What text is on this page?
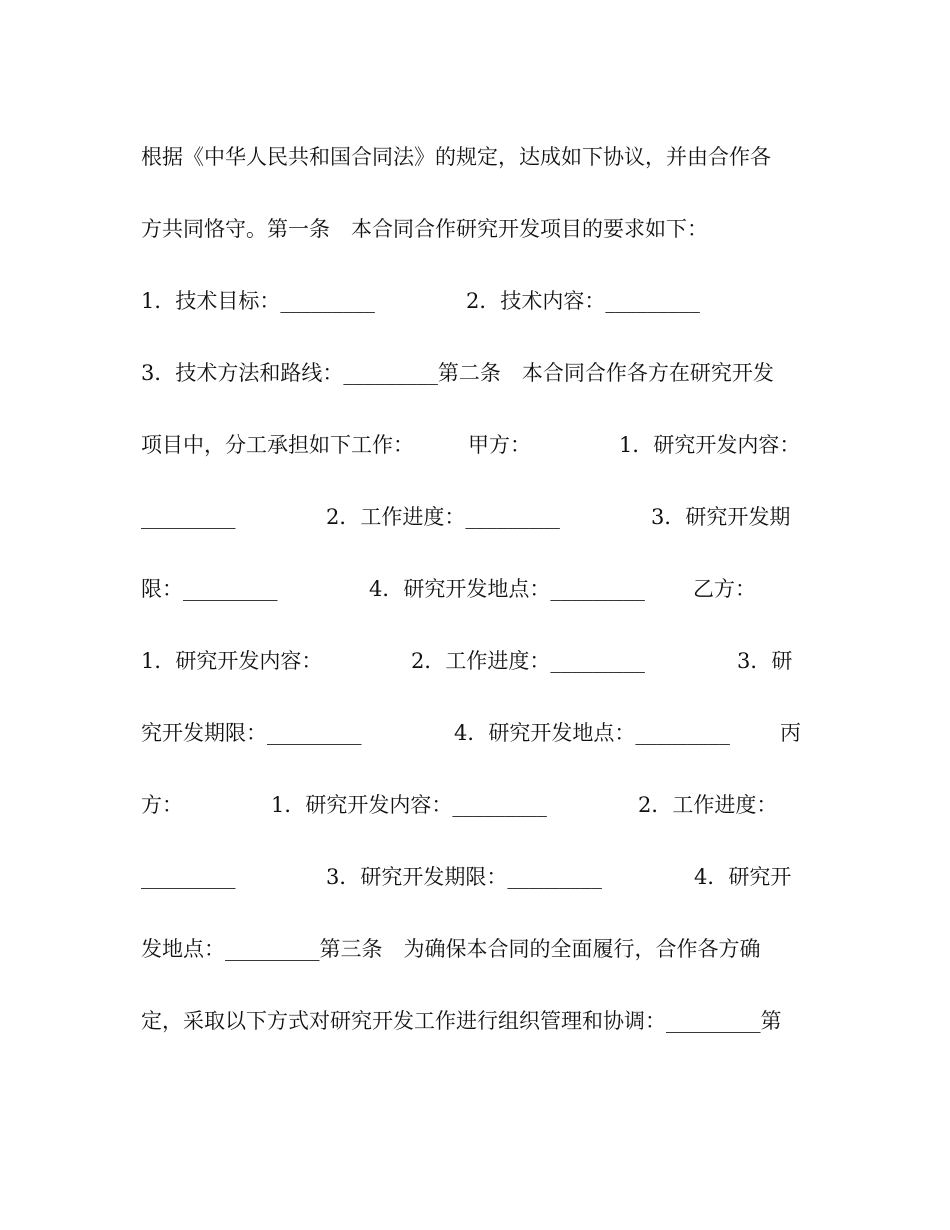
根据《中华人民共和国合同法》的规定，达成如下协议，并由合作各

方共同恪守。第一条　本合同合作研究开发项目的要求如下：

1．技术目标：_________

	2．技术内容：_________

3．技术方法和路线：_________第二条　本合同合作各方在研究开发

项目中，分工承担如下工作：

	甲方：

	1．研究开发内容：

_________

	2．工作进度：_________

	3．研究开发期

限：_________

	4．研究开发地点：_________

乙方：

1．研究开发内容：

	2．工作进度：_________

	3．研

究开发期限：_________

	4．研究开发地点：_________

丙

方：

	1．研究开发内容：_________

	2．工作进度：

_________

	3．研究开发期限：_________

	4．研究开

发地点：_________第三条　为确保本合同的全面履行，合作各方确

定，采取以下方式对研究开发工作进行组织管理和协调：_________第
